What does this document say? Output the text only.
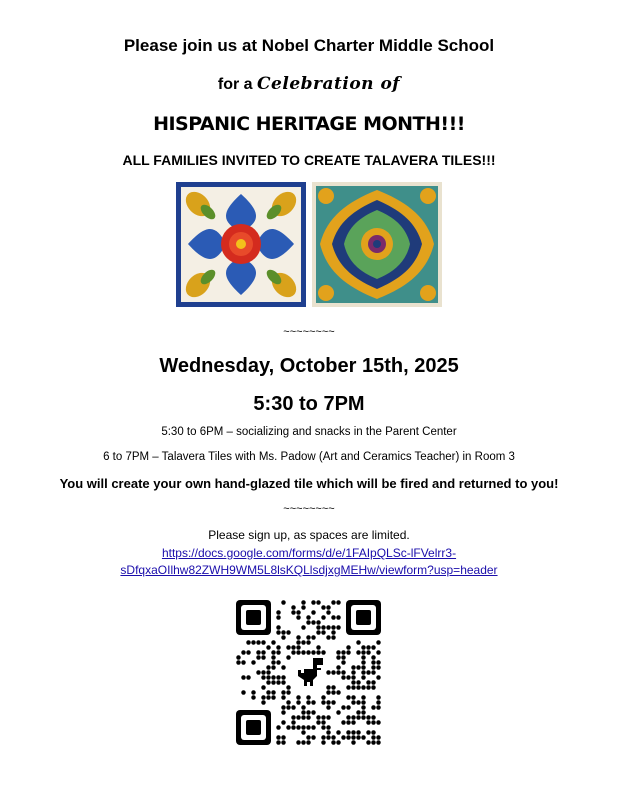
Please join us at Nobel Charter Middle School
for a Celebration of
HISPANIC HERITAGE MONTH!!!
ALL FAMILIES INVITED TO CREATE TALAVERA TILES!!!
~~~~~~~~
Wednesday, October 15th, 2025
5:30 to 7PM
5:30 to 6PM – socializing and snacks in the Parent Center
6 to 7PM – Talavera Tiles with Ms. Padow (Art and Ceramics Teacher) in Room 3
You will create your own hand-glazed tile which will be fired and returned to you!
~~~~~~~~
Please sign up, as spaces are limited.
https://docs.google.com/forms/d/e/1FAIpQLSc-lFVelrr3-
sDfqxaOIlhw82ZWH9WM5L8lsKQLlsdjxgMEHw/viewform?usp=header
